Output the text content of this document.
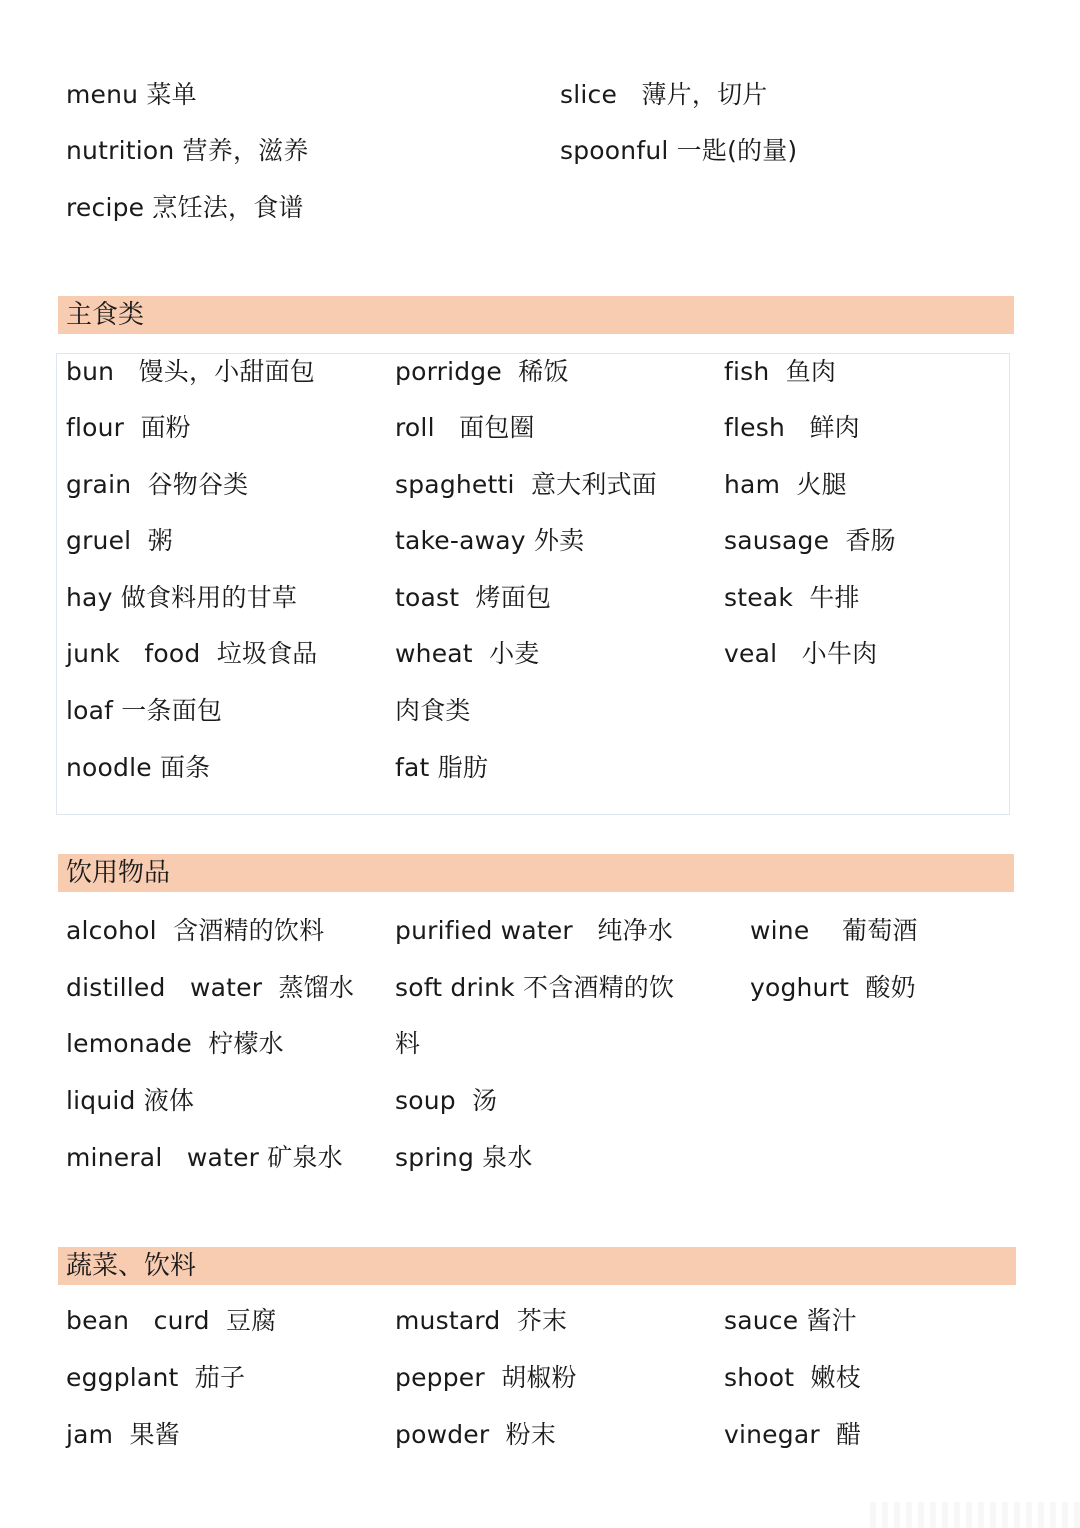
menu 菜单
nutrition 营养，滋养
recipe 烹饪法，食谱
slice   薄片，切片
spoonful 一匙(的量)
主食类
bun   馒头，小甜面包
flour  面粉
grain  谷物谷类
gruel  粥
hay 做食料用的甘草
junk   food  垃圾食品
loaf 一条面包
noodle 面条
porridge  稀饭
roll   面包圈
spaghetti  意大利式面
take-away 外卖
toast  烤面包
wheat  小麦
肉食类
fat 脂肪
fish  鱼肉
flesh   鲜肉
ham  火腿
sausage  香肠
steak  牛排
veal   小牛肉
饮用物品
alcohol  含酒精的饮料
distilled   water  蒸馏水
lemonade  柠檬水
liquid 液体
mineral   water 矿泉水
purified water   纯净水
soft drink 不含酒精的饮
料
soup  汤
spring 泉水
wine    葡萄酒
yoghurt  酸奶
蔬菜、饮料
bean   curd  豆腐
eggplant  茄子
jam  果酱
mustard  芥末
pepper  胡椒粉
powder  粉末
sauce 酱汁
shoot  嫩枝
vinegar  醋
